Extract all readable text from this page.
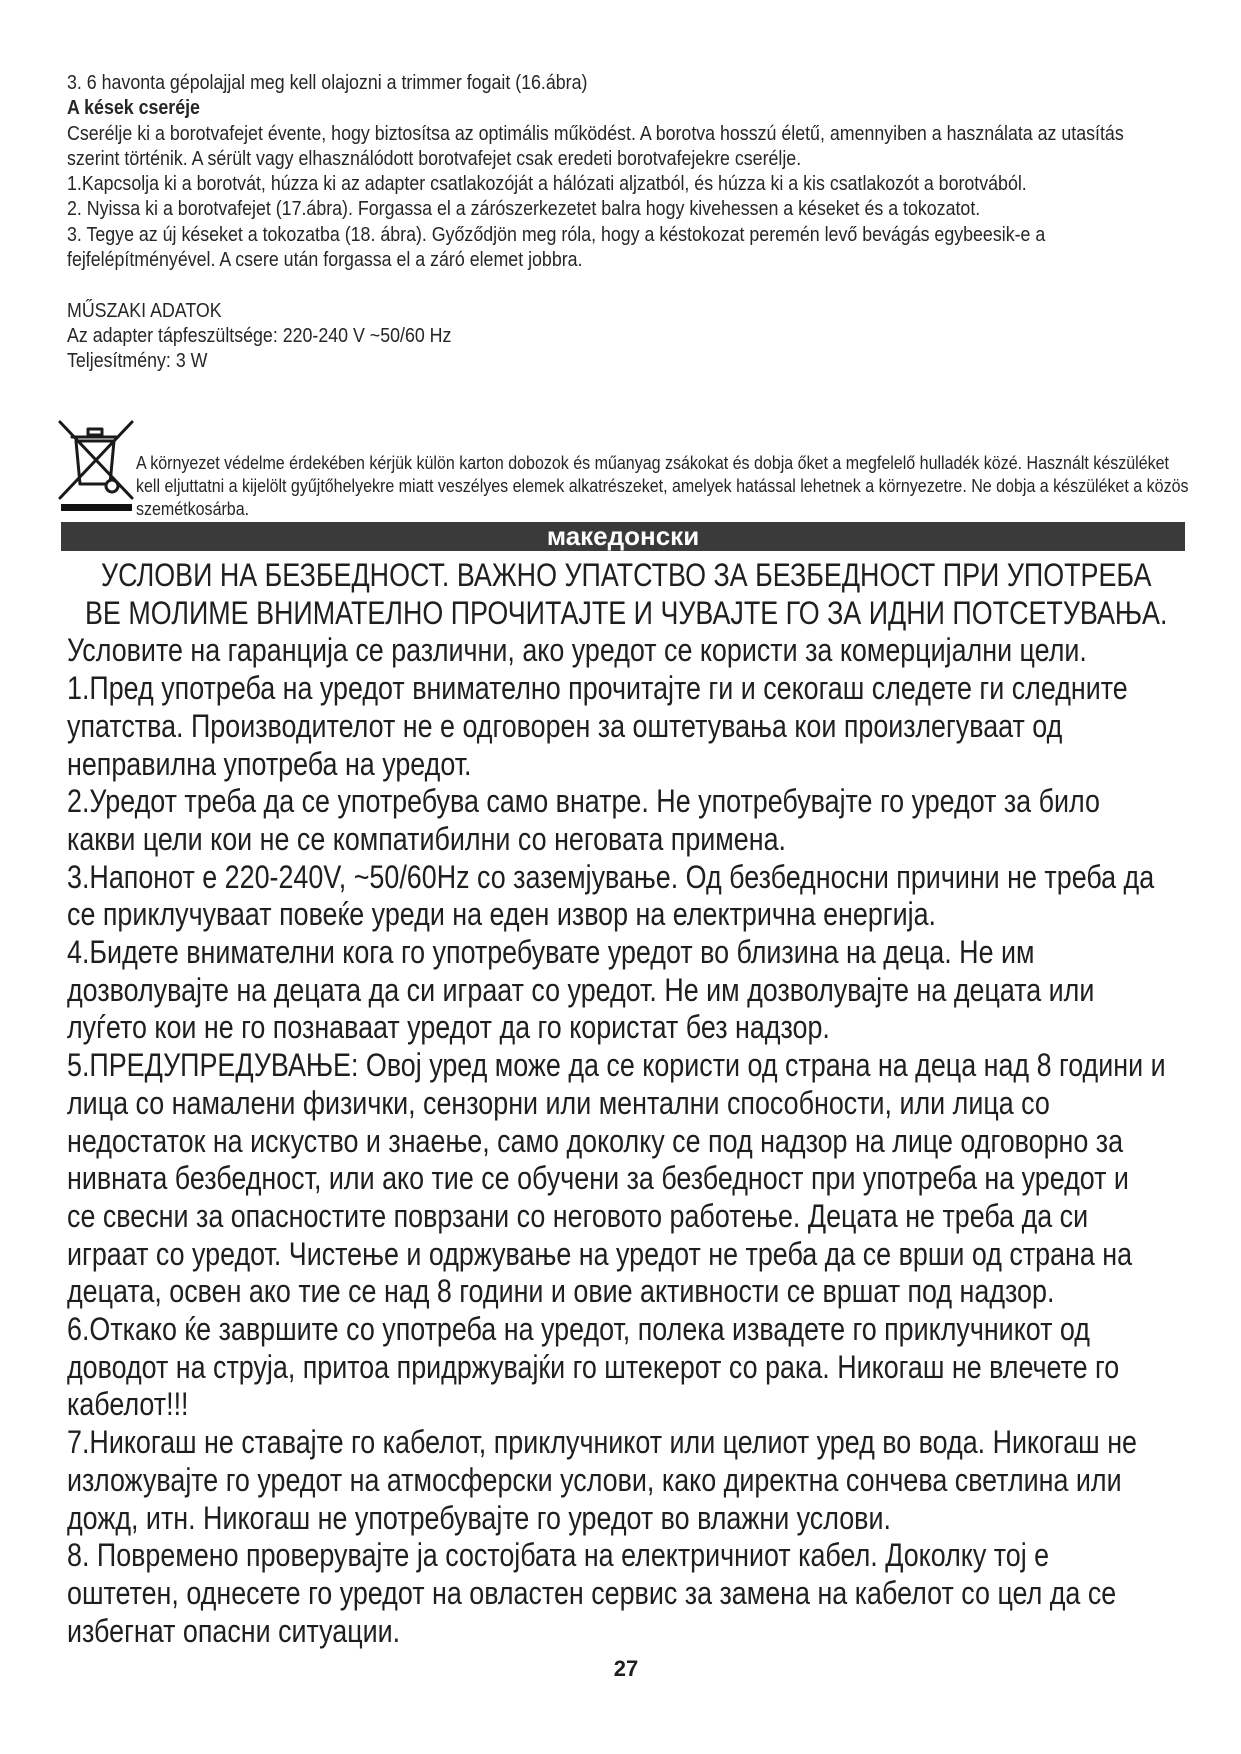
3. 6 havonta gépolajjal meg kell olajozni a trimmer fogait (16.ábra)
A kések cseréje
Cserélje ki a borotvafejet évente, hogy biztosítsa az optimális működést. A borotva hosszú életű, amennyiben a használata az utasítás
szerint történik. A sérült vagy elhasználódott borotvafejet csak eredeti borotvafejekre cserélje.
1.Kapcsolja ki a borotvát, húzza ki az adapter csatlakozóját a hálózati aljzatból, és húzza ki a kis csatlakozót a borotvából.
2. Nyissa ki a borotvafejet (17.ábra). Forgassa el a zárószerkezetet balra hogy kivehessen a késeket és a tokozatot.
3. Tegye az új késeket a tokozatba (18. ábra). Győződjön meg róla, hogy a késtokozat peremén levő bevágás egybeesik-e a
fejfelépítményével. A csere után forgassa el a záró elemet jobbra.
MŰSZAKI ADATOK
Az adapter tápfeszültsége: 220-240 V ~50/60 Hz
Teljesítmény: 3 W
A környezet védelme érdekében kérjük külön karton dobozok és műanyag zsákokat és dobja őket a megfelelő hulladék közé. Használt készüléket
kell eljuttatni a kijelölt gyűjtőhelyekre miatt veszélyes elemek alkatrészeket, amelyek hatással lehetnek a környezetre. Ne dobja a készüléket a közös
szemétkosárba.
македонски
УСЛОВИ НА БЕЗБЕДНОСТ. ВАЖНО УПАТСТВО ЗА БЕЗБЕДНОСТ ПРИ УПОТРЕБА
ВЕ МОЛИМЕ ВНИМАТЕЛНО ПРОЧИТАЈТЕ И ЧУВАЈТЕ ГО ЗА ИДНИ ПОТСЕТУВАЊА.
Условите на гаранција се различни, ако уредот се користи за комерцијални цели.
1.Пред употреба на уредот внимателно прочитајте ги и секогаш следете ги следните
упатства. Производителот не е одговорен за оштетувања кои произлегуваат од
неправилна употреба на уредот.
2.Уредот треба да се употребува само внатре. Не употребувајте го уредот за било
какви цели кои не се компатибилни со неговата примена.
3.Напонот е 220-240V, ~50/60Hz со заземјување. Од безбедносни причини не треба да
се приклучуваат повеќе уреди на еден извор на електрична енергија.
4.Бидете внимателни кога го употребувате уредот во близина на деца. Не им
дозволувајте на децата да си играат со уредот. Не им дозволувајте на децата или
луѓето кои не го познаваат уредот да го користат без надзор.
5.ПРЕДУПРЕДУВАЊЕ: Овој уред може да се користи од страна на деца над 8 години и
лица со намалени физички, сензорни или ментални способности, или лица со
недостаток на искуство и знаење, само доколку се под надзор на лице одговорно за
нивната безбедност, или ако тие се обучени за безбедност при употреба на уредот и
се свесни за опасностите поврзани со неговото работење. Децата не треба да си
играат со уредот. Чистење и одржување на уредот не треба да се врши од страна на
децата, освен ако тие се над 8 години и овие активности се вршат под надзор.
6.Откако ќе завршите со употреба на уредот, полека извадете го приклучникот од
доводот на струја, притоа придржувајќи го штекерот со рака. Никогаш не влечете го
кабелот!!!
7.Никогаш не ставајте го кабелот, приклучникот или целиот уред во вода. Никогаш не
изложувајте го уредот на атмосферски услови, како директна сончева светлина или
дожд, итн. Никогаш не употребувајте го уредот во влажни услови.
8. Повремено проверувајте ја состојбата на електричниот кабел. Доколку тој е
оштетен, однесете го уредот на овластен сервис за замена на кабелот со цел да се
избегнат опасни ситуации.
27
